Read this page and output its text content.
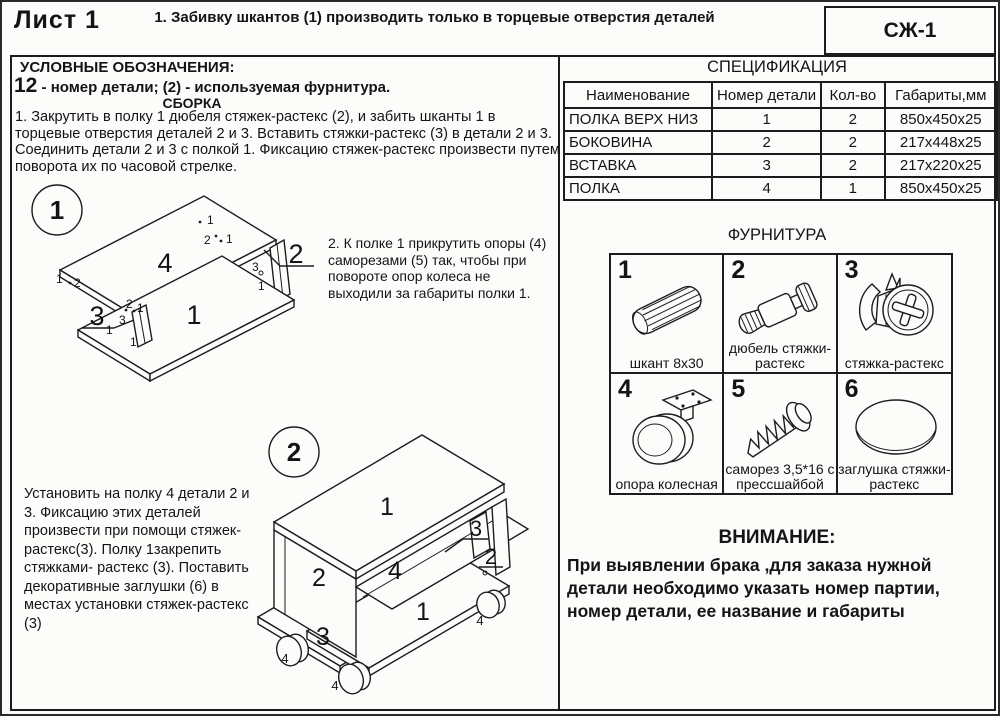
Лист 1	1. Забивку шкантов (1) производить только в торцевые отверстия деталей
СЖ-1
УСЛОВНЫЕ ОБОЗНАЧЕНИЯ:
12 - номер детали; (2) - используемая фурнитура.
СБОРКА
1. Закрутить в полку 1 дюбеля стяжек-растекс (2), и забить шканты 1 в торцевые отверстия деталей 2 и 3. Вставить стяжки-растекс (3) в детали 2 и 3. Соединить детали 2 и 3 с полкой 1. Фиксацию стяжек-растекс произвести путем поворота их по часовой стрелке.
2. К полке 1 прикрутить опоры (4) саморезами (5) так, чтобы при повороте опор колеса не выходили за габариты полки 1.
Установить на полку 4 детали 2 и 3. Фиксацию этих деталей произвести при помощи стяжек-растекс(3). Полку 1закрепить стяжками- растекс (3). Поставить декоративные заглушки (6) в местах установки стяжек-растекс (3)
1
4
1
2
3
1
2 1
1 2
3
1
2 1
3
1
1
2
1
2 4
3
2
1
3
4
4
4
СПЕЦИФИКАЦИЯ
Наименование	Номер детали	Кол-во	Габариты,мм
ПОЛКА ВЕРХ НИЗ	1	2	850х450х25
БОКОВИНА	2	2	217х448х25
ВСТАВКА	3	2	217х220х25
ПОЛКА	4	1	850х450х25
ФУРНИТУРА
1
шкант 8х30
2
дюбель стяжки-растекс
3
стяжка-растекс
4
опора колесная
5
саморез 3,5*16 с прессшайбой
6
заглушка стяжки-растекс
ВНИМАНИЕ:
При выявлении брака ,для заказа нужной детали необходимо указать номер партии, номер детали, ее название и габариты
